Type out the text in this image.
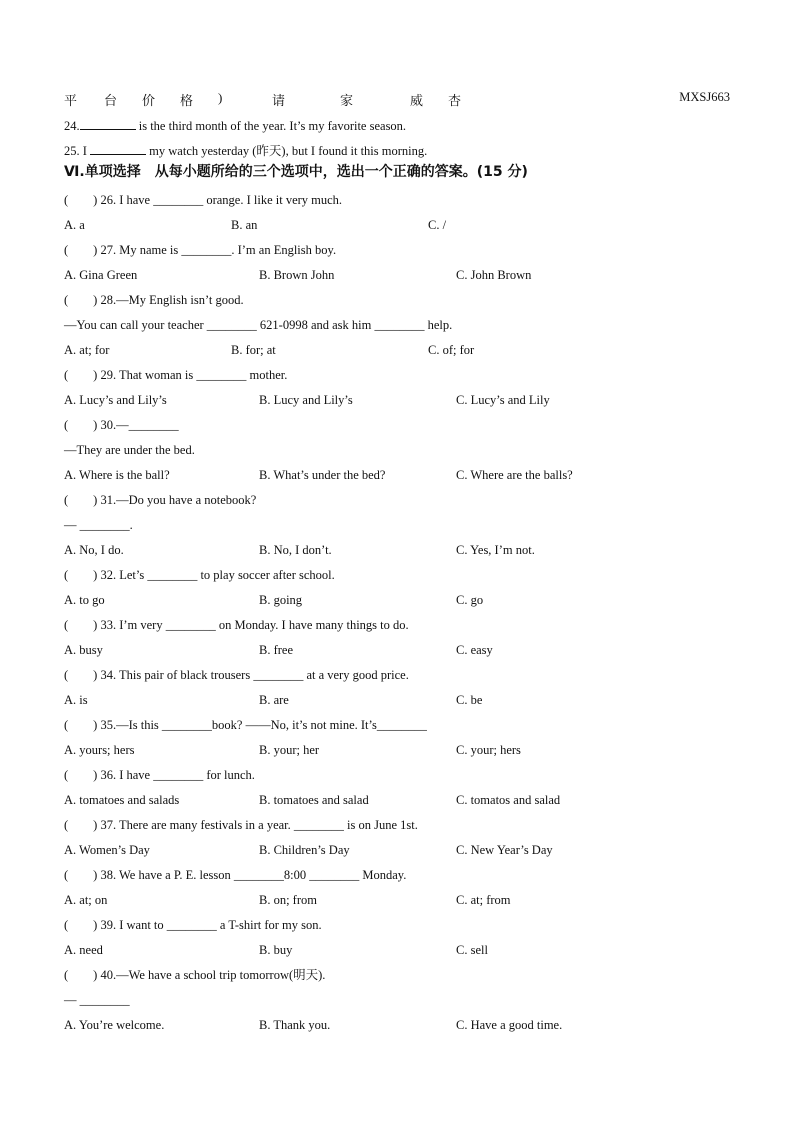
平 台 价 格 )	请	家	威 杏	MXSJ663
24.	is the third month of the year. It’s my favorite season.
25. I	my watch yesterday (昨天), but I found it this morning.
Ⅵ.单项选择　从每小题所给的三个选项中，选出一个正确的答案。(15 分)
(　　) 26. I have ________ orange. I like it very much.
A. a	B. an	C. /
(　　) 27. My name is ________. I’m an English boy.
A. Gina Green	B. Brown John	C. John Brown
(　　) 28.—My English isn’t good.
—You can call your teacher ________ 621-0998 and ask him ________ help.
A. at; for	B. for; at	C. of; for
(　　) 29. That woman is ________ mother.
A. Lucy’s and Lily’s	B. Lucy and Lily’s	C. Lucy’s and Lily
(　　) 30.—________
—They are under the bed.
A. Where is the ball?	B. What’s under the bed?	C. Where are the balls?
(　　) 31.—Do you have a notebook?
— ________.
A. No, I do.	B. No, I don’t.	C. Yes, I’m not.
(　　) 32. Let’s ________ to play soccer after school.
A. to go	B. going	C. go
(　　) 33. I’m very ________ on Monday. I have many things to do.
A. busy	B. free	C. easy
(　　) 34. This pair of black trousers ________ at a very good price.
A. is	B. are	C. be
(　　) 35.—Is this ________book? ——No, it’s not mine. It’s________
A. yours; hers	B. your; her	C. your; hers
(　　) 36. I have ________ for lunch.
A. tomatoes and salads	B. tomatoes and salad	C. tomatos and salad
(　　) 37. There are many festivals in a year. ________ is on June 1st.
A. Women’s Day	B. Children’s Day	C. New Year’s Day
(　　) 38. We have a P. E. lesson ________8:00 ________ Monday.
A. at; on	B. on; from	C. at; from
(　　) 39. I want to ________ a T-shirt for my son.
A. need	B. buy	C. sell
(　　) 40.—We have a school trip tomorrow(明天).
— ________
A. You’re welcome.	B. Thank you.	C. Have a good time.
